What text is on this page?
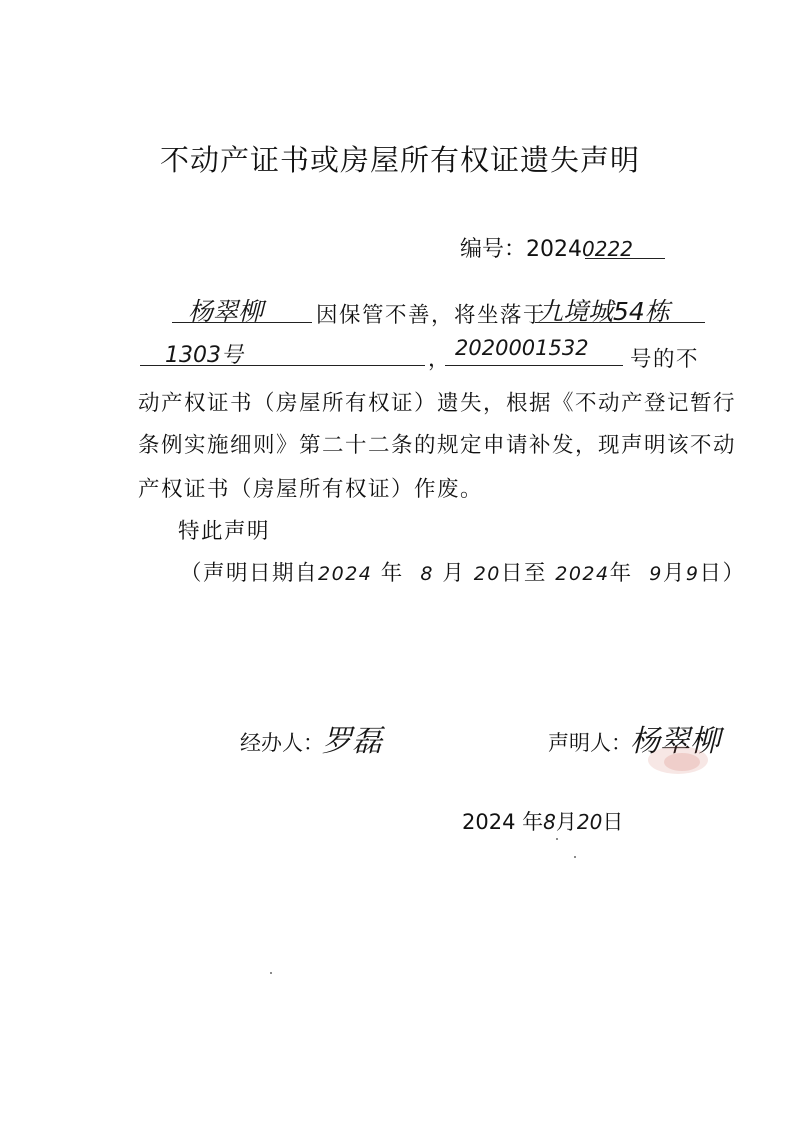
不动产证书或房屋所有权证遗失声明
编号：20240222
杨翠柳 因保管不善，将坐落于
九境城54栋
1303号	， 2020001532 号的不
动产权证书（房屋所有权证）遗失，根据《不动产登记暂行
条例实施细则》第二十二条的规定申请补发，现声明该不动
产权证书（房屋所有权证）作废。
特此声明
（声明日期自2024 年 8 月 20日至 2024年 9月9日）
经办人：
罗磊	声明人：
杨翠柳
2024 年8月20日
